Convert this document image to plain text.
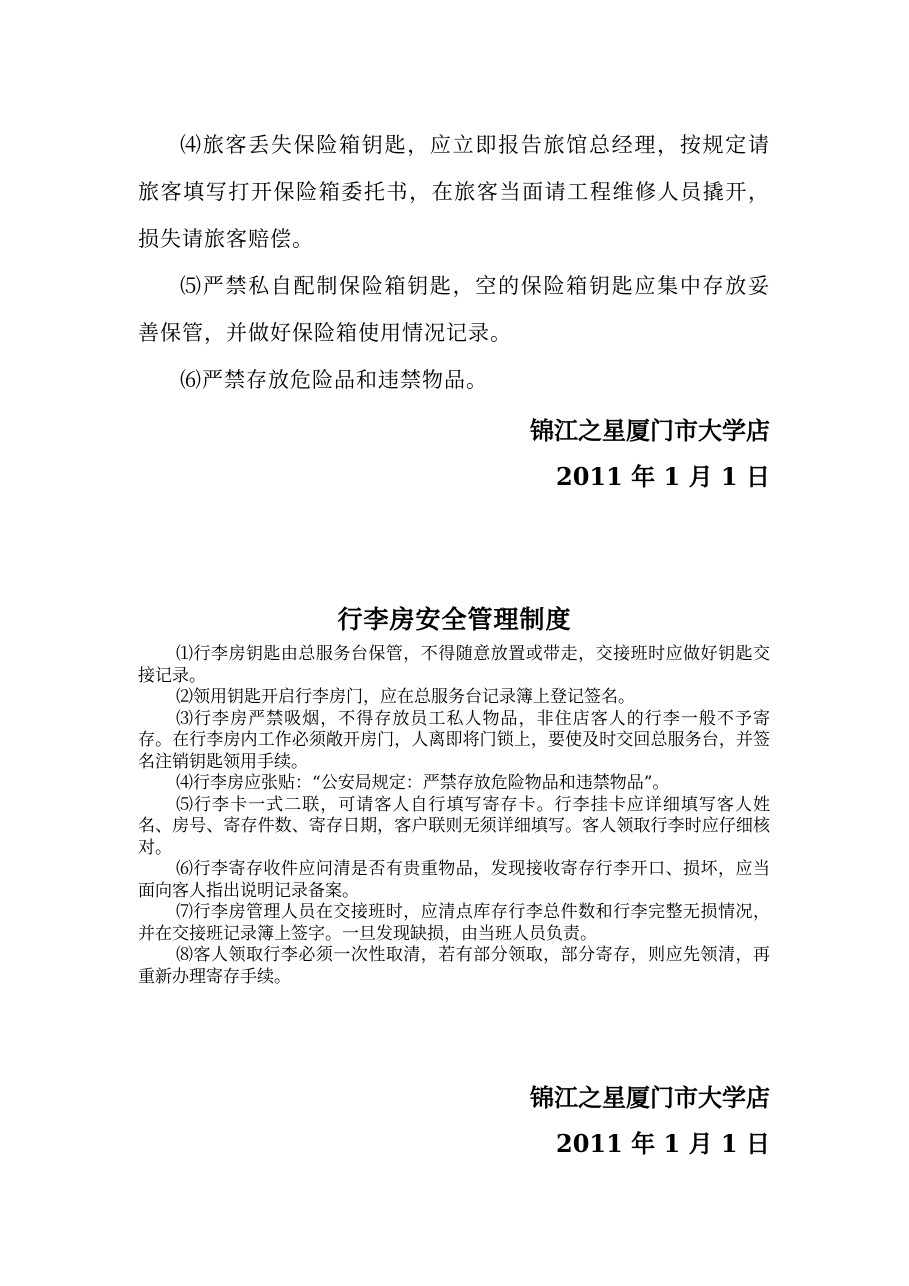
⑷旅客丢失保险箱钥匙，应立即报告旅馆总经理，按规定请旅客填写打开保险箱委托书，在旅客当面请工程维修人员撬开，损失请旅客赔偿。

⑸严禁私自配制保险箱钥匙，空的保险箱钥匙应集中存放妥善保管，并做好保险箱使用情况记录。

⑹严禁存放危险品和违禁物品。

锦江之星厦门市大学店

2011 年 1 月 1 日

行李房安全管理制度

⑴行李房钥匙由总服务台保管，不得随意放置或带走，交接班时应做好钥匙交接记录。

⑵领用钥匙开启行李房门，应在总服务台记录簿上登记签名。

⑶行李房严禁吸烟，不得存放员工私人物品，非住店客人的行李一般不予寄存。在行李房内工作必须敞开房门，人离即将门锁上，要使及时交回总服务台，并签名注销钥匙领用手续。

⑷行李房应张贴：“公安局规定：严禁存放危险物品和违禁物品”。

⑸行李卡一式二联，可请客人自行填写寄存卡。行李挂卡应详细填写客人姓名、房号、寄存件数、寄存日期，客户联则无须详细填写。客人领取行李时应仔细核对。

⑹行李寄存收件应问清是否有贵重物品，发现接收寄存行李开口、损坏，应当面向客人指出说明记录备案。

⑺行李房管理人员在交接班时，应清点库存行李总件数和行李完整无损情况，并在交接班记录簿上签字。一旦发现缺损，由当班人员负责。

⑻客人领取行李必须一次性取清，若有部分领取，部分寄存，则应先领清，再重新办理寄存手续。

锦江之星厦门市大学店

2011 年 1 月 1 日
